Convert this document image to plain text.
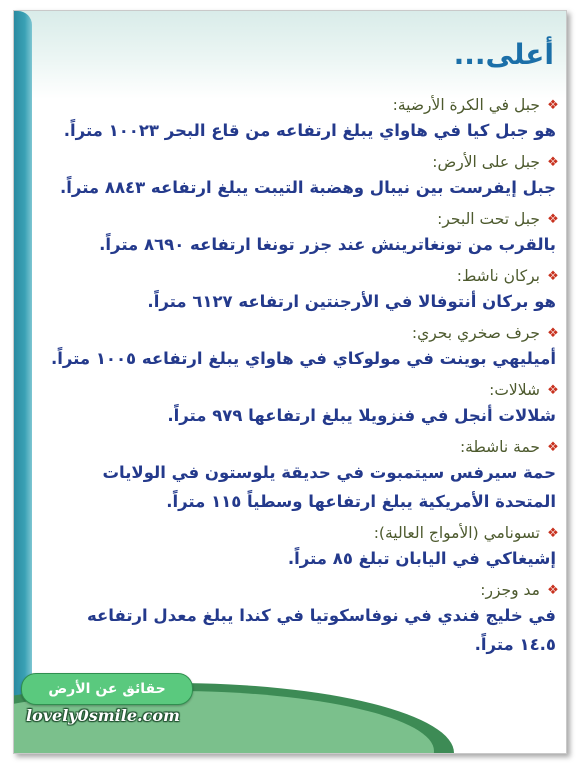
أعلى...
❖
جبل في الكرة الأرضية:
هو جبل كيا في هاواي يبلغ ارتفاعه من قاع البحر ١٠٠٢٣ متراً.
❖
جبل على الأرض:
جبل إيفرست بين نيبال وهضبة التيبت يبلغ ارتفاعه ٨٨٤٣ متراً.
❖
جبل تحت البحر:
بالقرب من تونغاترينش عند جزر تونغا ارتفاعه ٨٦٩٠ متراً.
❖
بركان ناشط:
هو بركان أنتوفالا في الأرجنتين ارتفاعه ٦١٢٧ متراً.
❖
جرف صخري بحري:
أميليهي بوينت في مولوكاي في هاواي يبلغ ارتفاعه ١٠٠٥ متراً.
❖
شلالات:
شلالات أنجل في فنزويلا يبلغ ارتفاعها ٩٧٩ متراً.
❖
حمة ناشطة:
حمة سيرفس سيتمبوت في حديقة يلوستون في الولايات المتحدة الأمريكية يبلغ ارتفاعها وسطياً ١١٥ متراً.
❖
تسونامي (الأمواج العالية):
إشيغاكي في اليابان تبلغ ٨٥ متراً.
❖
مد وجزر:
في خليج فندي في نوفاسكوتيا في كندا يبلغ معدل ارتفاعه ١٤.٥ متراً.
حقائق عن الأرض
lovely0smile.com
